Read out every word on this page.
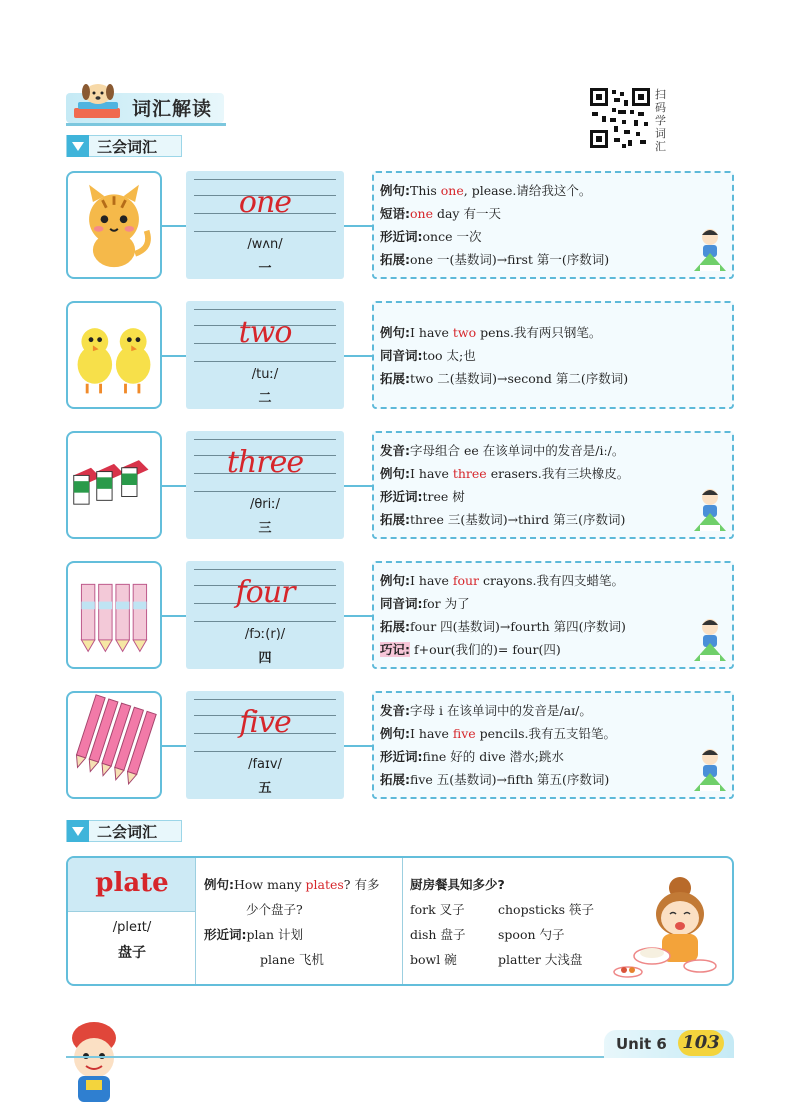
词汇解读
扫码学词汇
三会词汇
one
/wʌn/
一
例句:This one, please.请给我这个。
短语:one day 有一天
形近词:once 一次
拓展:one 一(基数词)→first 第一(序数词)
two
/tuː/
二
例句:I have two pens.我有两只钢笔。
同音词:too 太;也
拓展:two 二(基数词)→second 第二(序数词)
three
/θriː/
三
发音:字母组合 ee 在该单词中的发音是/iː/。
例句:I have three erasers.我有三块橡皮。
形近词:tree 树
拓展:three 三(基数词)→third 第三(序数词)
four
/fɔː(r)/
四
例句:I have four crayons.我有四支蜡笔。
同音词:for 为了
拓展:four 四(基数词)→fourth 第四(序数词)
巧记: f+our(我们的)= four(四)
five
/faɪv/
五
发音:字母 i 在该单词中的发音是/aɪ/。
例句:I have five pencils.我有五支铅笔。
形近词:fine 好的 dive 潜水;跳水
拓展:five 五(基数词)→fifth 第五(序数词)
二会词汇
plate
/pleɪt/
盘子
例句:How many plates? 有多
少个盘子?
形近词:plan 计划
plane 飞机
厨房餐具知多少?
fork 叉子	chopsticks 筷子
dish 盘子	spoon 勺子
bowl 碗	platter 大浅盘
Unit 6 103
